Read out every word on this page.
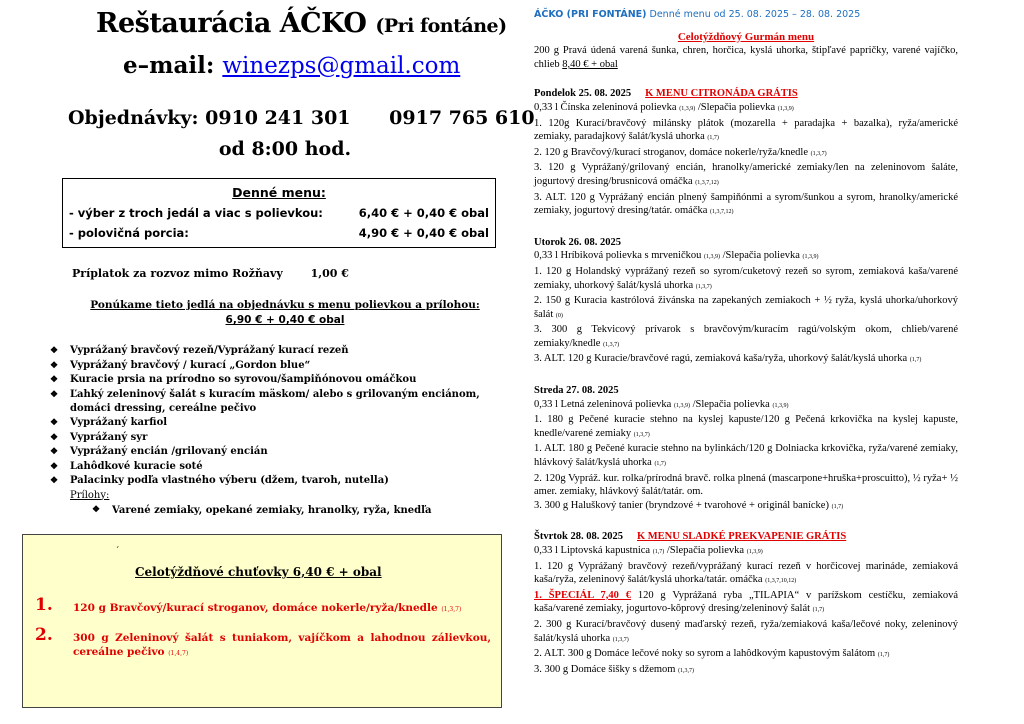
Reštaurácia ÁČKO (Pri fontáne)
e–mail: winezps@gmail.com
Objednávky: 0910 241 301 0917 765 610
od 8:00 hod.
Denné menu:
- výber z troch jedál a viac s polievkou:	6,40 € + 0,40 € obal
- polovičná porcia:	4,90 € + 0,40 € obal
Príplatok za rozvoz mimo Rožňavy	1,00 €
Ponúkame tieto jedlá na objednávku s menu polievkou a prílohou:
6,90 € + 0,40 € obal
❖ Vyprážaný bravčový rezeň/Vyprážaný kurací rezeň
❖ Vyprážaný bravčový / kurací „Gordon blue“
❖ Kuracie prsia na prírodno so syrovou/šampiňónovou omáčkou
❖ Ľahký zeleninový šalát s kuracím mäskom/ alebo s grilovaným enciánom, domáci dressing, cereálne pečivo
❖ Vyprážaný karfiol
❖ Vyprážaný syr
❖ Vyprážaný encián /grilovaný encián
❖ Lahôdkové kuracie soté
❖ Palacinky podľa vlastného výberu (džem, tvaroh, nutella)
Prílohy:
❖ Varené zemiaky, opekané zemiaky, hranolky, ryža, knedľa
´
Celotýždňové chuťovky 6,40 € + obal
1.	120 g Bravčový/kurací stroganov, domáce nokerle/ryža/knedle (1,3,7)
2.	300 g Zeleninový šalát s tuniakom, vajíčkom a lahodnou zálievkou, cereálne pečivo (1,4,7)
ÁČKO (PRI FONTÁNE) Denné menu od 25. 08. 2025 – 28. 08. 2025
Celotýždňový Gurmán menu
200 g Pravá údená varená šunka, chren, horčica, kyslá uhorka, štipľavé papričky, varené vajíčko, chlieb 8,40 € + obal
Pondelok 25. 08. 2025 K MENU CITRONÁDA GRÁTIS
0,33 l Čínska zeleninová polievka (1,3,9) /Slepačia polievka (1,3,9)
1. 120g Kurací/bravčový milánsky plátok (mozarella + paradajka + bazalka), ryža/americké zemiaky, paradajkový šalát/kyslá uhorka (1,7)
2. 120 g Bravčový/kurací stroganov, domáce nokerle/ryža/knedle (1,3,7)
3. 120 g Vyprážaný/grilovaný encián, hranolky/americké zemiaky/len na zeleninovom šaláte, jogurtový dresing/brusnicová omáčka (1,3,7,12)
3. ALT. 120 g Vyprážaný encián plnený šampiňónmi a syrom/šunkou a syrom, hranolky/americké zemiaky, jogurtový dresing/tatár. omáčka (1,3,7,12)
Utorok 26. 08. 2025
0,33 l Hríbiková polievka s mrveničkou (1,3,9) /Slepačia polievka (1,3,9)
1. 120 g Holandský vyprážaný rezeň so syrom/cuketový rezeň so syrom, zemiaková kaša/varené zemiaky, uhorkový šalát/kyslá uhorka (1,3,7)
2. 150 g Kuracia kastrólová živánska na zapekaných zemiakoch + ½ ryža, kyslá uhorka/uhorkový šalát (0)
3. 300 g Tekvicový prívarok s bravčovým/kuracím ragú/volským okom, chlieb/varené zemiaky/knedle (1,3,7)
3. ALT. 120 g Kuracie/bravčové ragú, zemiaková kaša/ryža, uhorkový šalát/kyslá uhorka (1,7)
Streda 27. 08. 2025
0,33 l Letná zeleninová polievka (1,3,9) /Slepačia polievka (1,3,9)
1. 180 g Pečené kuracie stehno na kyslej kapuste/120 g Pečená krkovička na kyslej kapuste, knedle/varené zemiaky (1,3,7)
1. ALT. 180 g Pečené kuracie stehno na bylinkách/120 g Dolniacka krkovička, ryža/varené zemiaky, hlávkový šalát/kyslá uhorka (1,7)
2. 120g Vypráž. kur. rolka/prírodná bravč. rolka plnená (mascarpone+hruška+proscuitto), ½ ryža+ ½ amer. zemiaky, hlávkový šalát/tatár. om.
3. 300 g Haluškový tanier (bryndzové + tvarohové + originál banícke) (1,7)
Štvrtok 28. 08. 2025 K MENU SLADKÉ PREKVAPENIE GRÁTIS
0,33 l Liptovská kapustnica (1,7) /Slepačia polievka (1,3,9)
1. 120 g Vyprážaný bravčový rezeň/vyprážaný kurací rezeň v horčicovej marináde, zemiaková kaša/ryža, zeleninový šalát/kyslá uhorka/tatár. omáčka (1,3,7,10,12)
1. ŠPECIÁL 7,40 € 120 g Vyprážaná ryba „TILAPIA“ v parížskom cestíčku, zemiaková kaša/varené zemiaky, jogurtovo-kôprový dresing/zeleninový šalát (1,7)
2. 300 g Kurací/bravčový dusený maďarský rezeň, ryža/zemiaková kaša/lečové noky, zeleninový šalát/kyslá uhorka (1,3,7)
2. ALT. 300 g Domáce lečové noky so syrom a lahôdkovým kapustovým šalátom (1,7)
3. 300 g Domáce šišky s džemom (1,3,7)
